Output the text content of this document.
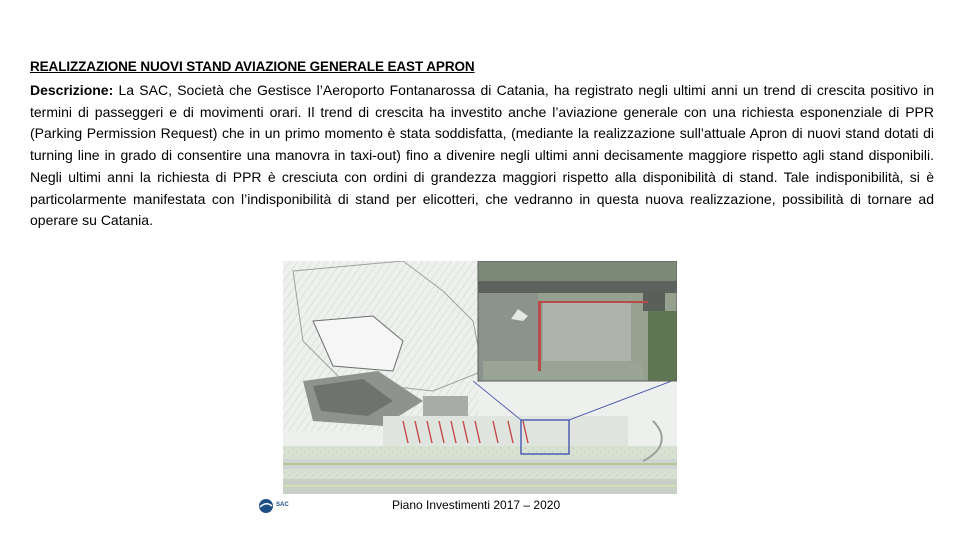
REALIZZAZIONE NUOVI STAND AVIAZIONE GENERALE EAST APRON
Descrizione: La SAC, Società che Gestisce l’Aeroporto Fontanarossa di Catania, ha registrato negli ultimi anni un trend di crescita positivo in termini di passeggeri e di movimenti orari. Il trend di crescita ha investito anche l’aviazione generale con una richiesta esponenziale di PPR (Parking Permission Request) che in un primo momento è stata soddisfatta, (mediante la realizzazione sull’attuale Apron di nuovi stand dotati di turning line in grado di consentire una manovra in taxi-out) fino a divenire negli ultimi anni decisamente maggiore rispetto agli stand disponibili. Negli ultimi anni la richiesta di PPR è cresciuta con ordini di grandezza maggiori rispetto alla disponibilità di stand. Tale indisponibilità, si è particolarmente manifestata con l’indisponibilità di stand per elicotteri, che vedranno in questa nuova realizzazione, possibilità di tornare ad operare su Catania.
SAC	Piano Investimenti 2017 – 2020
